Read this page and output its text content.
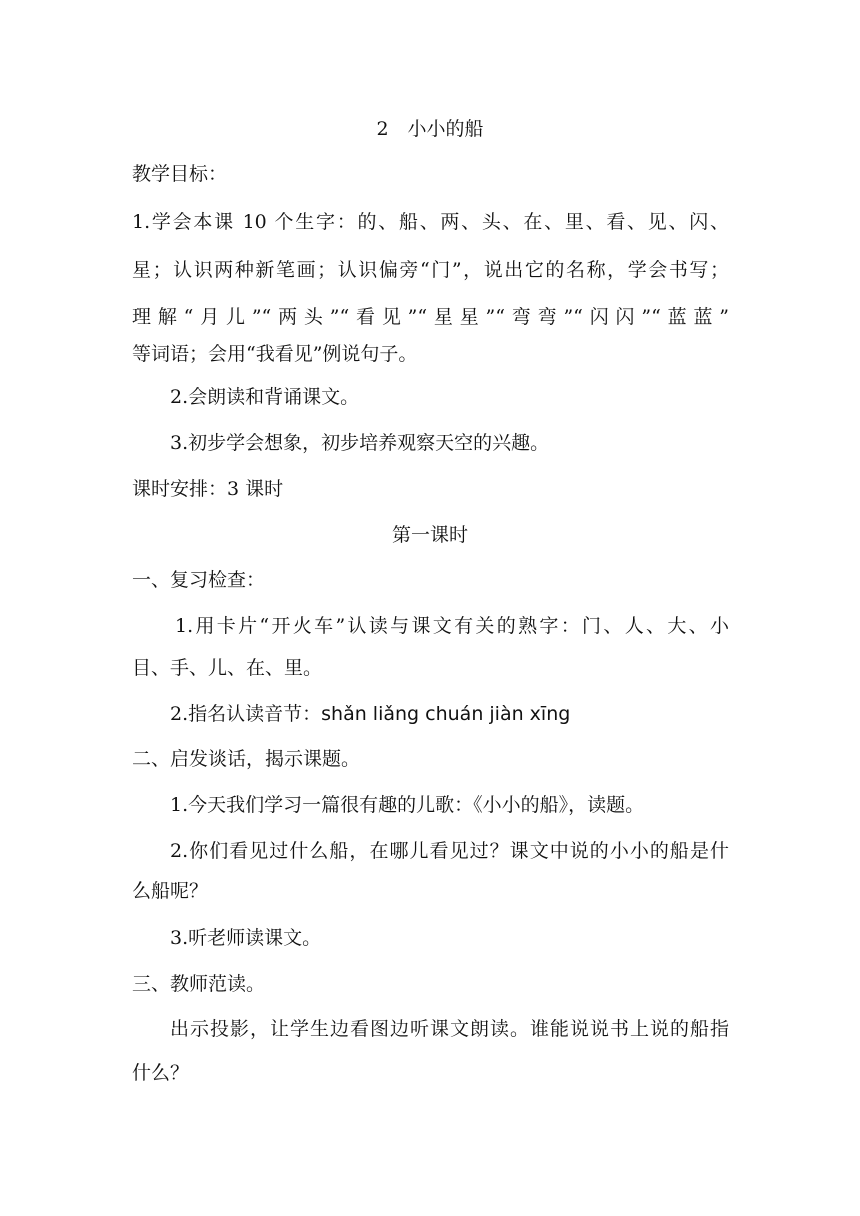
2　小小的船
教学目标：
1.学会本课 10 个生字：的、船、两、头、在、里、看、见、闪、
星；认识两种新笔画；认识偏旁“门”，说出它的名称，学会书写；
理解“月儿”“两头”“看见”“星星”“弯弯”“闪闪”“蓝蓝”
等词语；会用“我看见”例说句子。
2.会朗读和背诵课文。
3.初步学会想象，初步培养观察天空的兴趣。
课时安排：3 课时
第一课时
一、复习检查：
1.用卡片“开火车”认读与课文有关的熟字：门、人、大、小
目、手、儿、在、里。
2.指名认读音节：shǎn liǎng chuán jiàn xīng
二、启发谈话，揭示课题。
1.今天我们学习一篇很有趣的儿歌：《小小的船》，读题。
2.你们看见过什么船，在哪儿看见过？课文中说的小小的船是什
么船呢？
3.听老师读课文。
三、教师范读。
出示投影，让学生边看图边听课文朗读。谁能说说书上说的船指
什么？
